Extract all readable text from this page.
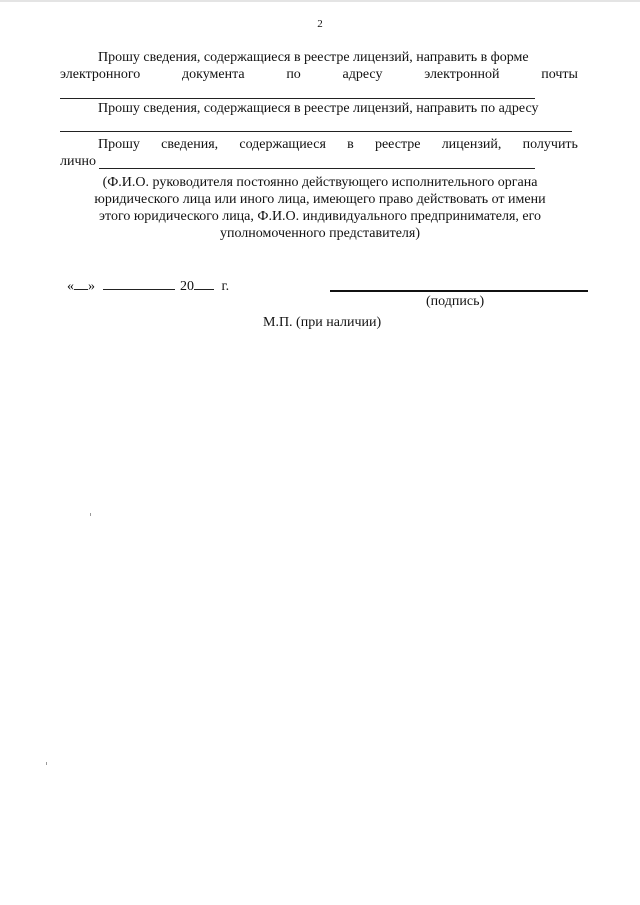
2
Прошу сведения, содержащиеся в реестре лицензий, направить в форме
электронного	документа	по	адресу	электронной	почты
Прошу сведения, содержащиеся в реестре лицензий, направить по адресу
Прошу сведения, содержащиеся в реестре лицензий, получить
лично
(Ф.И.О. руководителя постоянно действующего исполнительного органа
юридического лица или иного лица, имеющего право действовать от имени
этого юридического лица, Ф.И.О. индивидуального предпринимателя, его
уполномоченного представителя)
« »	20 г.
(подпись)
М.П. (при наличии)
